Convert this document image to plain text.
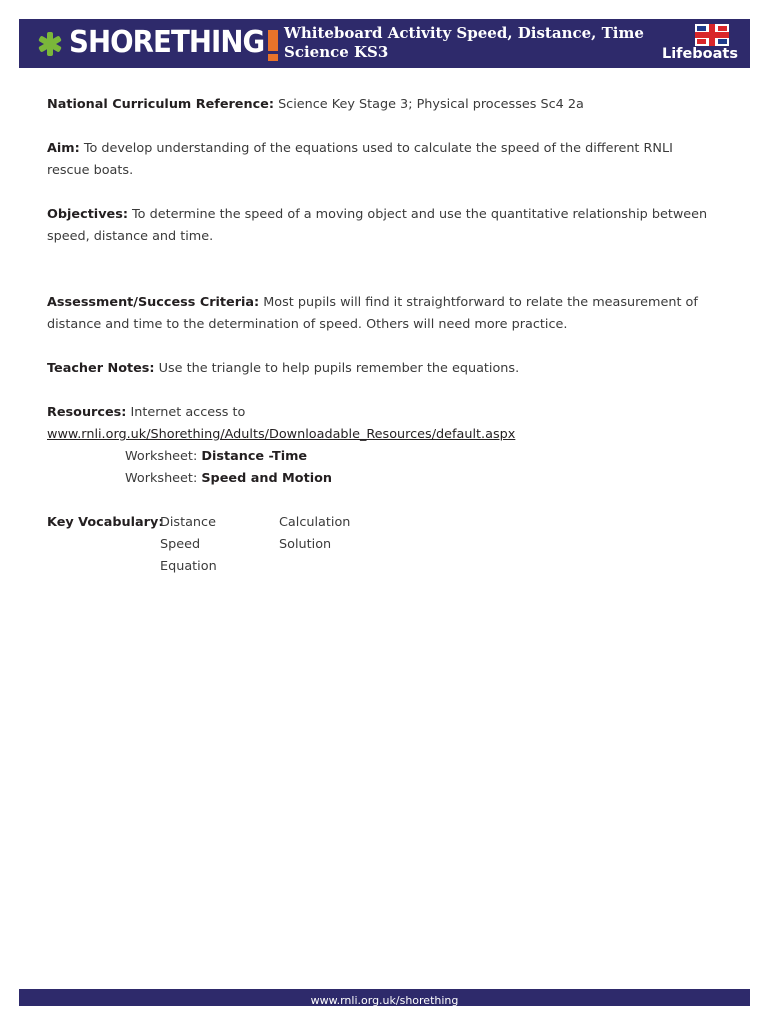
SHORETHING Whiteboard Activity Speed, Distance, Time Science KS3	Lifeboats

National Curriculum Reference: Science Key Stage 3; Physical processes Sc4 2a

Aim: To develop understanding of the equations used to calculate the speed of the different RNLI rescue boats.

Objectives: To determine the speed of a moving object and use the quantitative relationship between speed, distance and time.

Assessment/Success Criteria: Most pupils will find it straightforward to relate the measurement of distance and time to the determination of speed. Others will need more practice.

Teacher Notes: Use the triangle to help pupils remember the equations.

Resources: Internet access to www.rnli.org.uk/Shorething/Adults/Downloadable_Resources/default.aspx

Worksheet: Distance -Time

Worksheet: Speed and Motion

Key Vocabulary:
Distance
Speed
Equation
Calculation
Solution
www.rnli.org.uk/shorething
